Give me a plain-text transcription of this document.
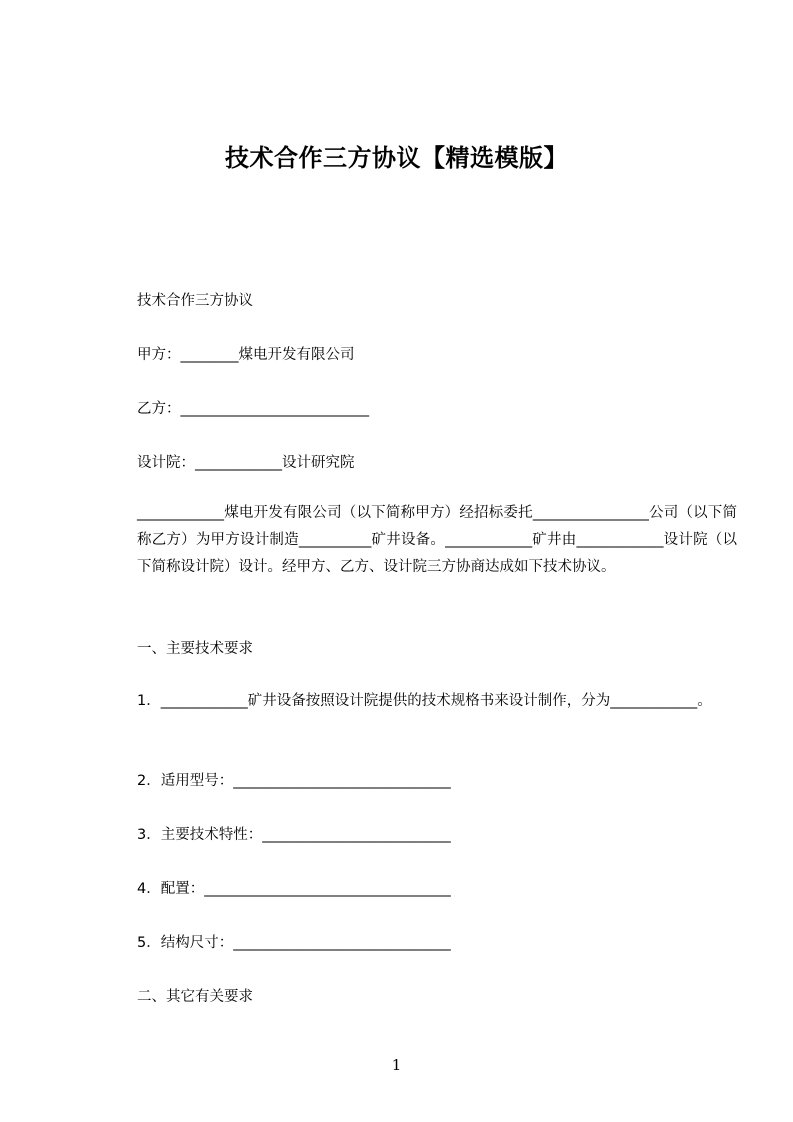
技术合作三方协议【精选模版】
技术合作三方协议
甲方：________煤电开发有限公司
乙方：__________________________
设计院：____________设计研究院
____________煤电开发有限公司（以下简称甲方）经招标委托________________公司（以下简称乙方）为甲方设计制造__________矿井设备。____________矿井由____________设计院（以下简称设计院）设计。经甲方、乙方、设计院三方协商达成如下技术协议。
一、主要技术要求
1．____________矿井设备按照设计院提供的技术规格书来设计制作，分为____________。
2．适用型号：______________________________
3．主要技术特性：__________________________
4．配置：__________________________________
5．结构尺寸：______________________________
二、其它有关要求
1
